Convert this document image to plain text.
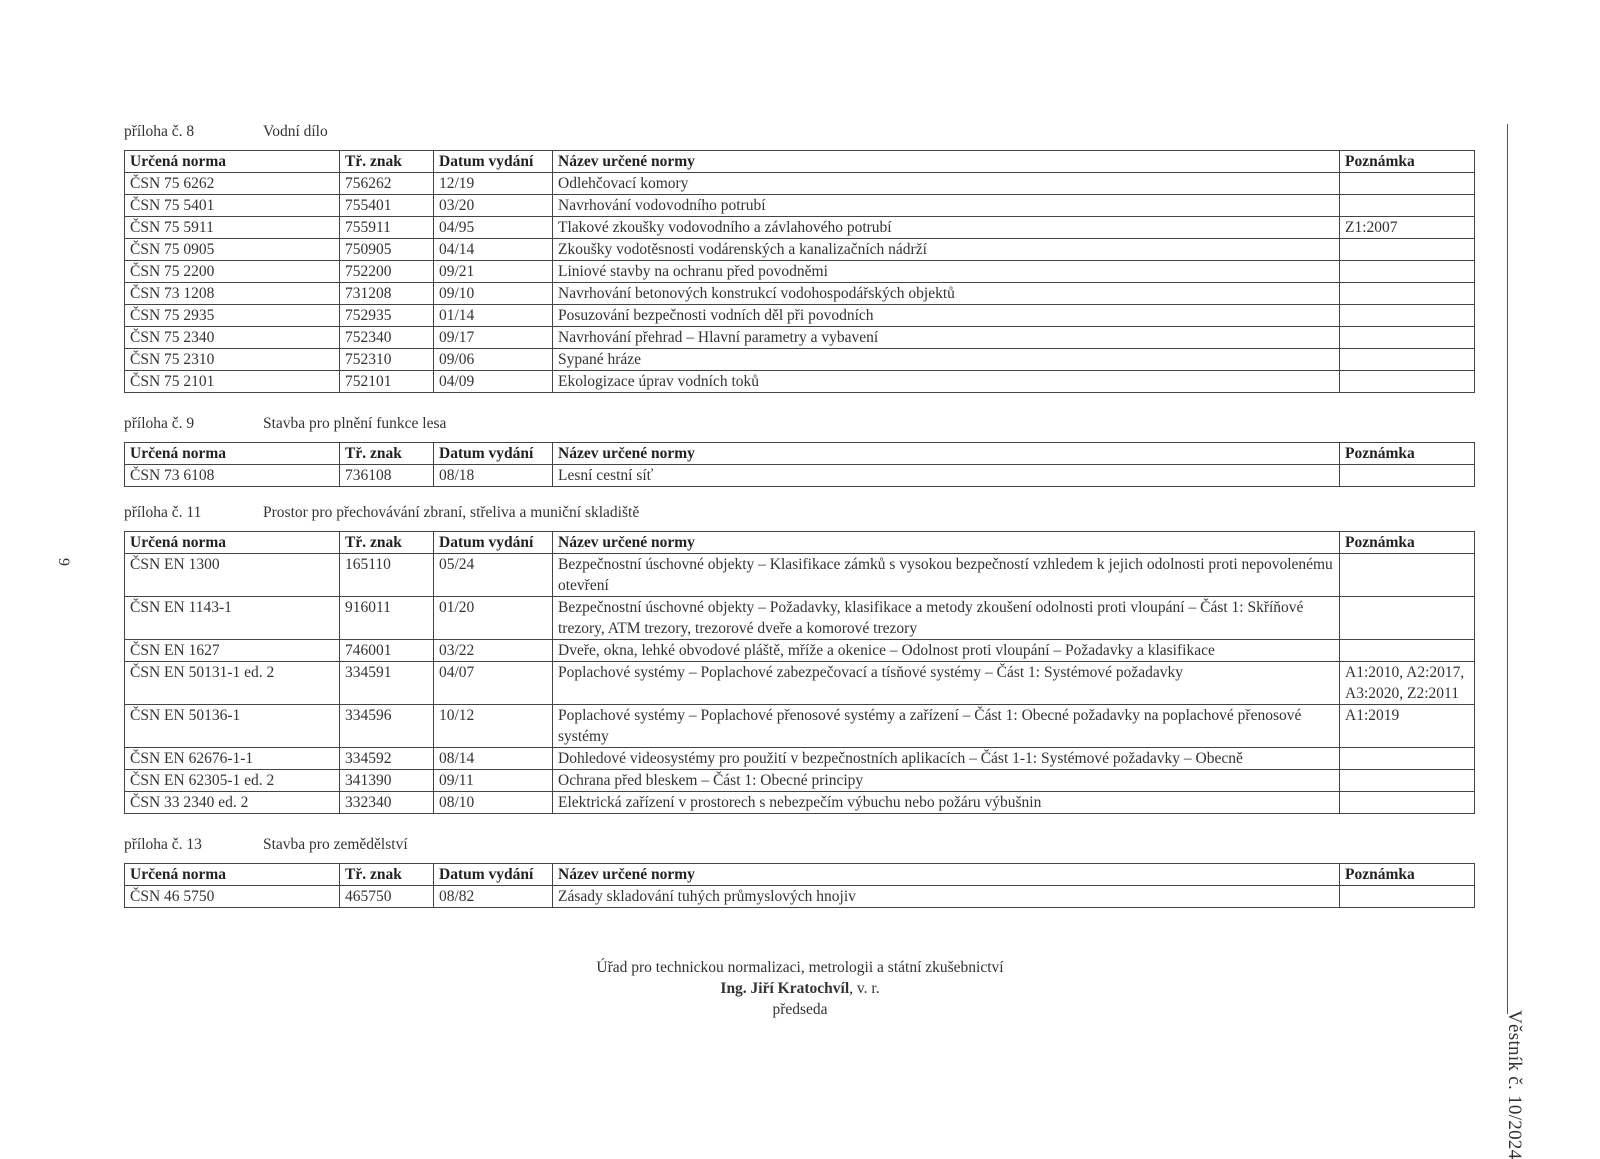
příloha č. 8	Vodní dílo
Určená norma	Tř. znak	Datum vydání	Název určené normy	Poznámka
ČSN 75 6262	756262	12/19	Odlehčovací komory	
ČSN 75 5401	755401	03/20	Navrhování vodovodního potrubí	
ČSN 75 5911	755911	04/95	Tlakové zkoušky vodovodního a závlahového potrubí	Z1:2007
ČSN 75 0905	750905	04/14	Zkoušky vodotěsnosti vodárenských a kanalizačních nádrží	
ČSN 75 2200	752200	09/21	Liniové stavby na ochranu před povodněmi	
ČSN 73 1208	731208	09/10	Navrhování betonových konstrukcí vodohospodářských objektů	
ČSN 75 2935	752935	01/14	Posuzování bezpečnosti vodních děl při povodních	
ČSN 75 2340	752340	09/17	Navrhování přehrad – Hlavní parametry a vybavení	
ČSN 75 2310	752310	09/06	Sypané hráze	
ČSN 75 2101	752101	04/09	Ekologizace úprav vodních toků	
příloha č. 9	Stavba pro plnění funkce lesa
Určená norma	Tř. znak	Datum vydání	Název určené normy	Poznámka
ČSN 73 6108	736108	08/18	Lesní cestní síť	
příloha č. 11	Prostor pro přechovávání zbraní, střeliva a muniční skladiště
Určená norma	Tř. znak	Datum vydání	Název určené normy	Poznámka
ČSN EN 1300	165110	05/24	Bezpečnostní úschovné objekty – Klasifikace zámků s vysokou bezpečností vzhledem k jejich odolnosti proti nepovolenému otevření	
ČSN EN 1143-1	916011	01/20	Bezpečnostní úschovné objekty – Požadavky, klasifikace a metody zkoušení odolnosti proti vloupání – Část 1: Skříňové trezory, ATM trezory, trezorové dveře a komorové trezory	
ČSN EN 1627	746001	03/22	Dveře, okna, lehké obvodové pláště, mříže a okenice – Odolnost proti vloupání – Požadavky a klasifikace	
ČSN EN 50131-1 ed. 2	334591	04/07	Poplachové systémy – Poplachové zabezpečovací a tísňové systémy – Část 1: Systémové požadavky	A1:2010, A2:2017, A3:2020, Z2:2011
ČSN EN 50136-1	334596	10/12	Poplachové systémy – Poplachové přenosové systémy a zařízení – Část 1: Obecné požadavky na poplachové přenosové systémy	A1:2019
ČSN EN 62676-1-1	334592	08/14	Dohledové videosystémy pro použití v bezpečnostních aplikacích – Část 1-1: Systémové požadavky – Obecně	
ČSN EN 62305-1 ed. 2	341390	09/11	Ochrana před bleskem – Část 1: Obecné principy	
ČSN 33 2340 ed. 2	332340	08/10	Elektrická zařízení v prostorech s nebezpečím výbuchu nebo požáru výbušnin	
příloha č. 13	Stavba pro zemědělství
Určená norma	Tř. znak	Datum vydání	Název určené normy	Poznámka
ČSN 46 5750	465750	08/82	Zásady skladování tuhých průmyslových hnojiv	
Úřad pro technickou normalizaci, metrologii a státní zkušebnictví
Ing. Jiří Kratochvíl, v. r.
předseda
Věstník č. 10/2024
9
